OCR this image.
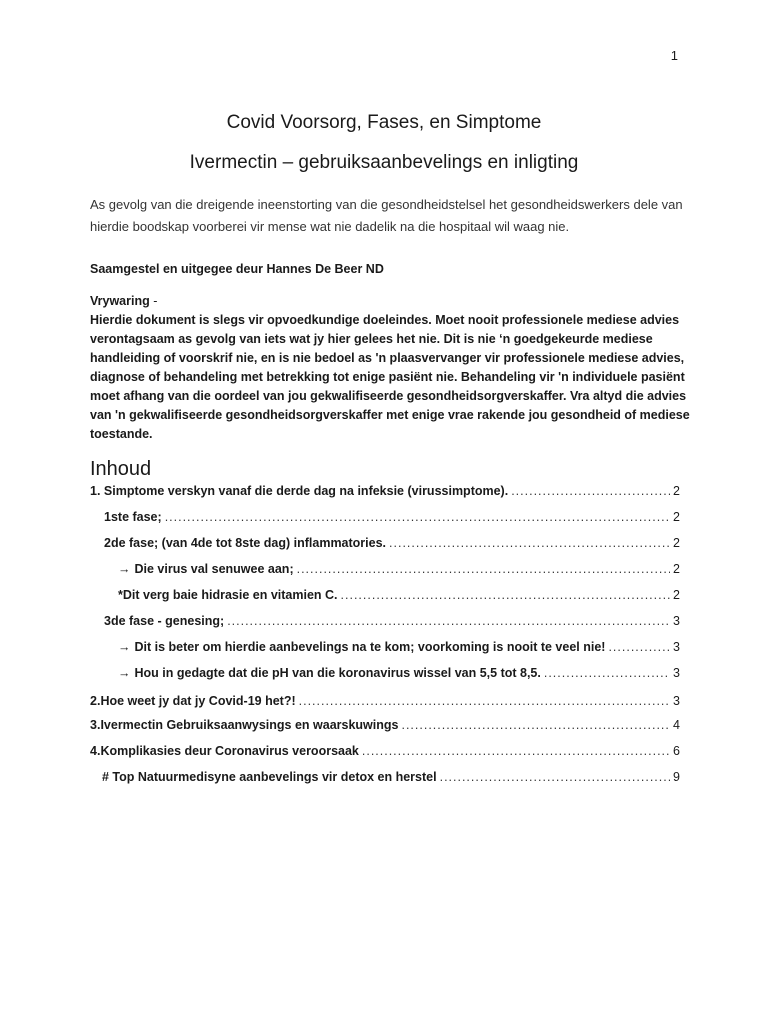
1
Covid Voorsorg, Fases, en Simptome
Ivermectin – gebruiksaanbevelings en inligting

As gevolg van die dreigende ineenstorting van die gesondheidstelsel het gesondheidswerkers dele van hierdie boodskap voorberei vir mense wat nie dadelik na die hospitaal wil waag nie.

Saamgestel en uitgegee deur Hannes De Beer ND

Vrywaring -

Hierdie dokument is slegs vir opvoedkundige doeleindes. Moet nooit professionele mediese advies verontagsaam as gevolg van iets wat jy hier gelees het nie. Dit is nie ‘n goedgekeurde mediese handleiding of voorskrif nie, en is nie bedoel as 'n plaasvervanger vir professionele mediese advies, diagnose of behandeling met betrekking tot enige pasiënt nie. Behandeling vir 'n individuele pasiënt moet afhang van die oordeel van jou gekwalifiseerde gesondheidsorgverskaffer. Vra altyd die advies van 'n gekwalifiseerde gesondheidsorgverskaffer met enige vrae rakende jou gesondheid of mediese toestande.

Inhoud
1. Simptome verskyn vanaf die derde dag na infeksie (virussimptome). .....	2
1ste fase; .....	2
2de fase; (van 4de tot 8ste dag) inflammatories. .....	2
→ Die virus val senuwee aan; .....	2
*Dit verg baie hidrasie en vitamien C. .....	2
3de fase - genesing; .....	3
→ Dit is beter om hierdie aanbevelings na te kom; voorkoming is nooit te veel nie! .....	3
→ Hou in gedagte dat die pH van die koronavirus wissel van 5,5 tot 8,5. .....	3
2. Hoe weet jy dat jy Covid-19 het?! .....	3
3. Ivermectin Gebruiksaanwysings en waarskuwings .....	4
4. Komplikasies deur Coronavirus veroorsaak .....	6
# Top Natuurmedisyne aanbevelings vir detox en herstel .....	9
